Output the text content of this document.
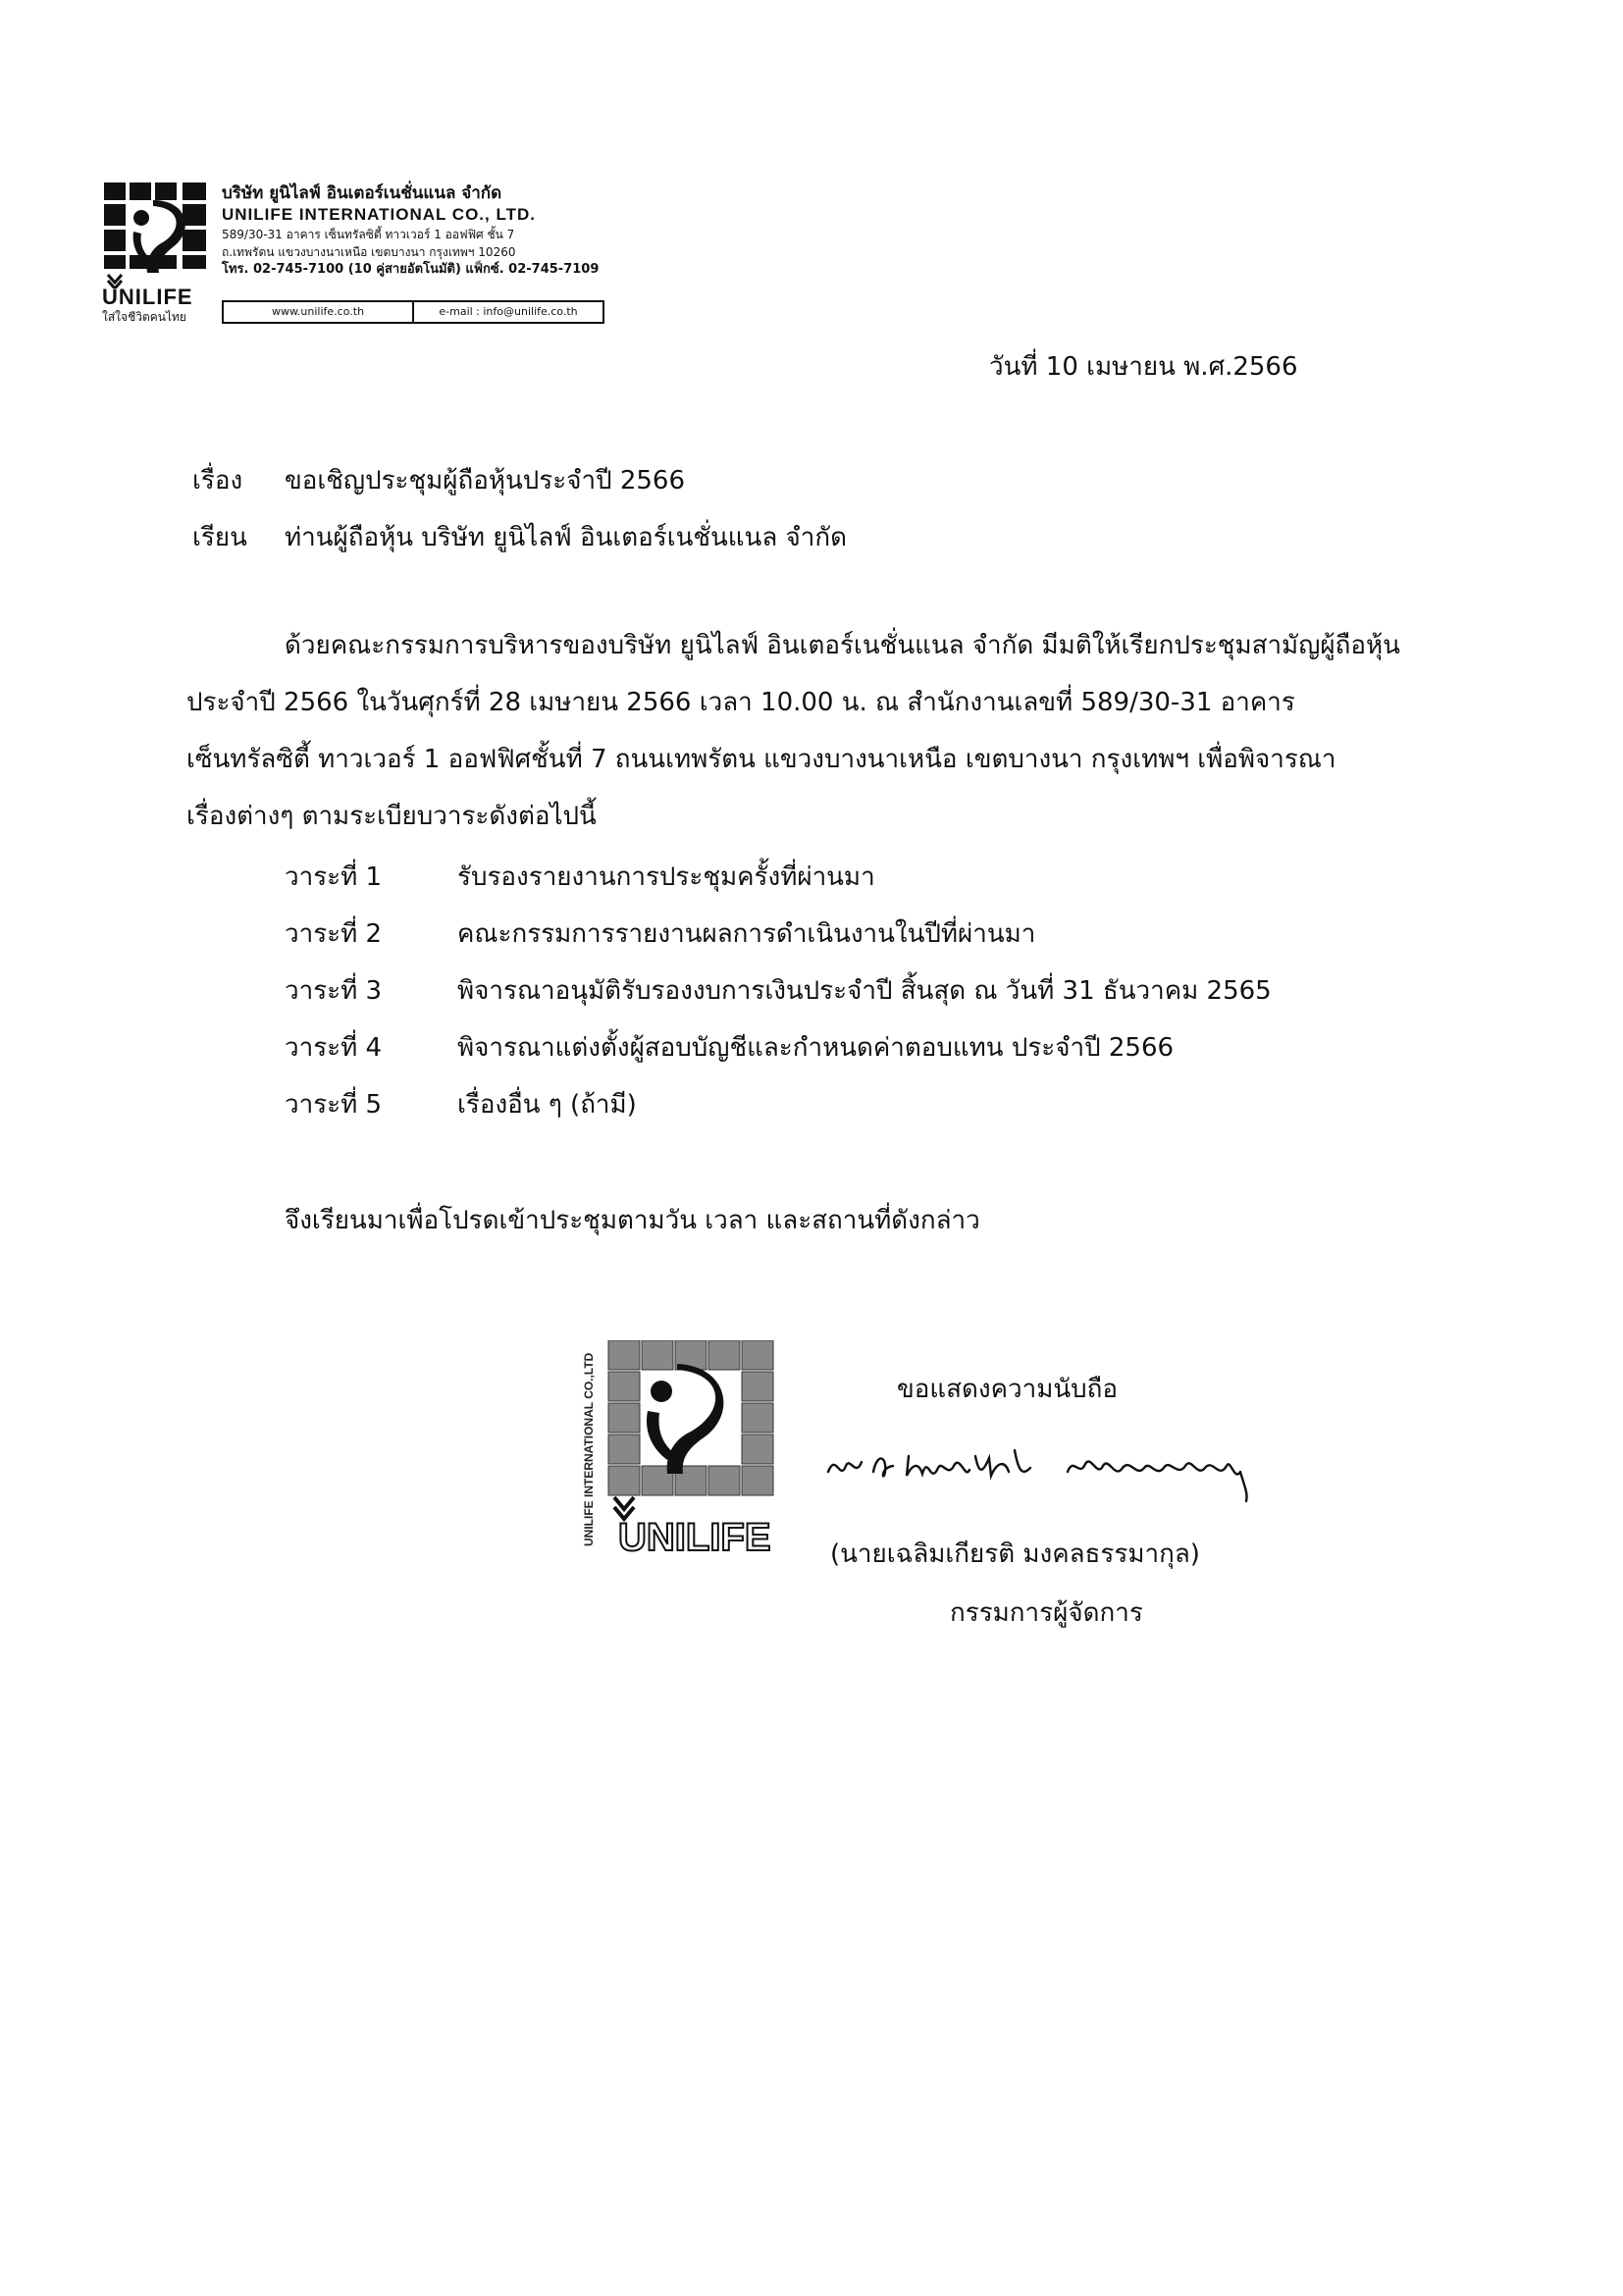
UNILIFE
ใส่ใจชีวิตคนไทย
บริษัท ยูนิไลฟ์ อินเตอร์เนชั่นแนล จำกัด
UNILIFE INTERNATIONAL CO., LTD.
589/30-31 อาคาร เซ็นทรัลซิตี้ ทาวเวอร์ 1 ออฟฟิศ ชั้น 7
ถ.เทพรัตน แขวงบางนาเหนือ เขตบางนา กรุงเทพฯ 10260
โทร. 02-745-7100 (10 คู่สายอัตโนมัติ) แฟ็กซ์. 02-745-7109
www.unilife.co.th	e-mail : info@unilife.co.th
วันที่ 10 เมษายน พ.ศ.2566
เรื่อง ขอเชิญประชุมผู้ถือหุ้นประจำปี 2566
เรียน ท่านผู้ถือหุ้น บริษัท ยูนิไลฟ์ อินเตอร์เนชั่นแนล จำกัด
ด้วยคณะกรรมการบริหารของบริษัท ยูนิไลฟ์ อินเตอร์เนชั่นแนล จำกัด มีมติให้เรียกประชุมสามัญผู้ถือหุ้น
ประจำปี 2566 ในวันศุกร์ที่ 28 เมษายน 2566 เวลา 10.00 น. ณ สำนักงานเลขที่ 589/30-31 อาคาร
เซ็นทรัลซิตี้ ทาวเวอร์ 1 ออฟฟิศชั้นที่ 7 ถนนเทพรัตน แขวงบางนาเหนือ เขตบางนา กรุงเทพฯ เพื่อพิจารณา
เรื่องต่างๆ ตามระเบียบวาระดังต่อไปนี้
วาระที่ 1	รับรองรายงานการประชุมครั้งที่ผ่านมา
วาระที่ 2	คณะกรรมการรายงานผลการดำเนินงานในปีที่ผ่านมา
วาระที่ 3	พิจารณาอนุมัติรับรองงบการเงินประจำปี สิ้นสุด ณ วันที่ 31 ธันวาคม 2565
วาระที่ 4	พิจารณาแต่งตั้งผู้สอบบัญชีและกำหนดค่าตอบแทน ประจำปี 2566
วาระที่ 5	เรื่องอื่น ๆ (ถ้ามี)
จึงเรียนมาเพื่อโปรดเข้าประชุมตามวัน เวลา และสถานที่ดังกล่าว
UNILIFE INTERNATIONAL CO.,LTD UNILIFE
ขอแสดงความนับถือ
นาย เฉลิมเกียรติ มงคลธรรมกุล
(นายเฉลิมเกียรติ มงคลธรรมากุล)
กรรมการผู้จัดการ
